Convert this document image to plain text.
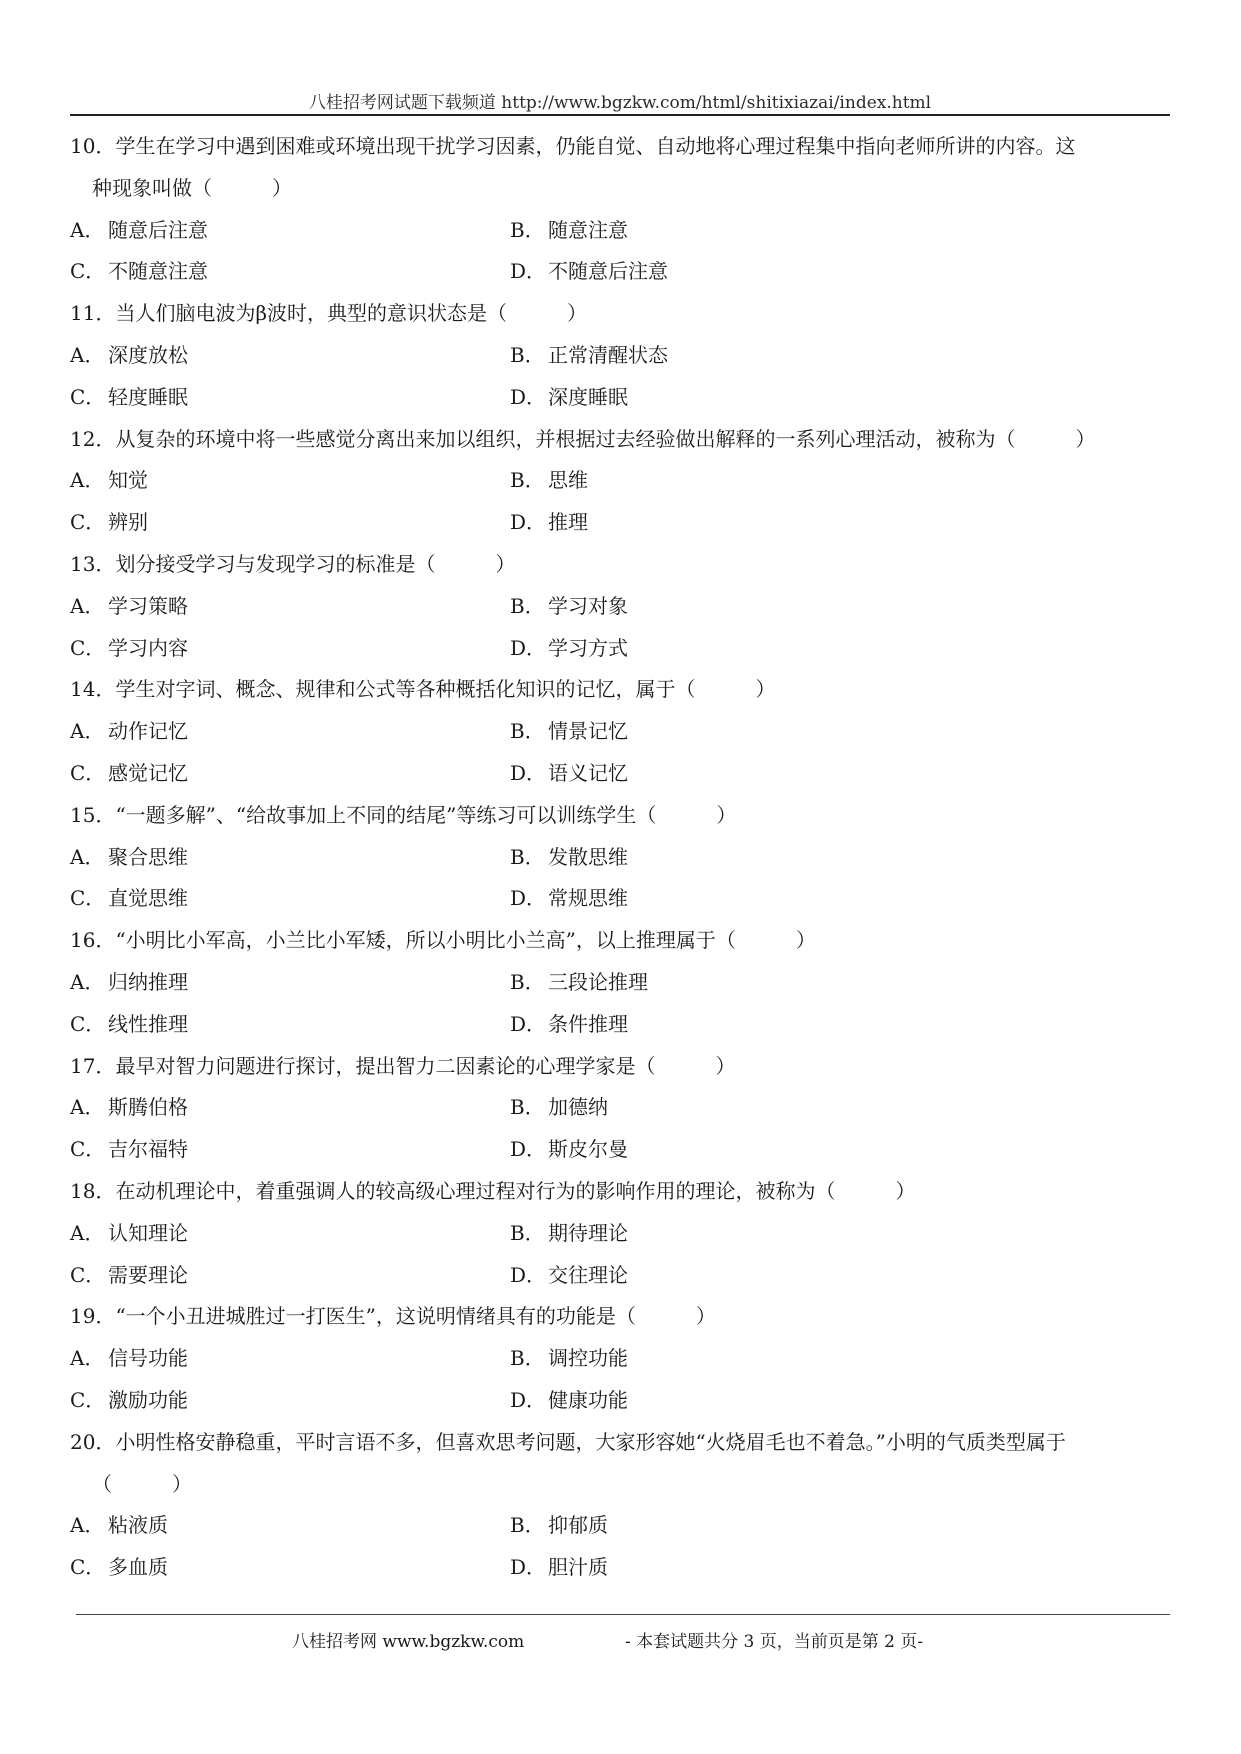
八桂招考网试题下载频道 http://www.bgzkw.com/html/shitixiazai/index.html
10．学生在学习中遇到困难或环境出现干扰学习因素，仍能自觉、自动地将心理过程集中指向老师所讲的内容。这
种现象叫做（　　　）
A． 随意后注意	B． 随意注意
C． 不随意注意	D．不随意后注意
11．当人们脑电波为β波时，典型的意识状态是（　　　）
A． 深度放松	B． 正常清醒状态
C． 轻度睡眠	D．深度睡眠
12．从复杂的环境中将一些感觉分离出来加以组织，并根据过去经验做出解释的一系列心理活动，被称为（　　　）
A． 知觉	B． 思维
C． 辨别	D．推理
13．划分接受学习与发现学习的标准是（　　　）
A． 学习策略	B． 学习对象
C． 学习内容	D．学习方式
14．学生对字词、概念、规律和公式等各种概括化知识的记忆，属于（　　　）
A． 动作记忆	B． 情景记忆
C． 感觉记忆	D．语义记忆
15．“一题多解”、“给故事加上不同的结尾”等练习可以训练学生（　　　）
A． 聚合思维	B． 发散思维
C． 直觉思维	D．常规思维
16．“小明比小军高，小兰比小军矮，所以小明比小兰高”，以上推理属于（　　　）
A． 归纳推理	B． 三段论推理
C． 线性推理	D．条件推理
17．最早对智力问题进行探讨，提出智力二因素论的心理学家是（　　　）
A． 斯腾伯格	B． 加德纳
C． 吉尔福特	D．斯皮尔曼
18．在动机理论中，着重强调人的较高级心理过程对行为的影响作用的理论，被称为（　　　）
A． 认知理论	B． 期待理论
C． 需要理论	D．交往理论
19．“一个小丑进城胜过一打医生”，这说明情绪具有的功能是（　　　）
A． 信号功能	B． 调控功能
C． 激励功能	D．健康功能
20．小明性格安静稳重，平时言语不多，但喜欢思考问题，大家形容她“火烧眉毛也不着急。”小明的气质类型属于
（　　　）
A． 粘液质	B． 抑郁质
C． 多血质	D．胆汁质
八桂招考网 www.bgzkw.com	- 本套试题共分 3 页，当前页是第 2 页-
